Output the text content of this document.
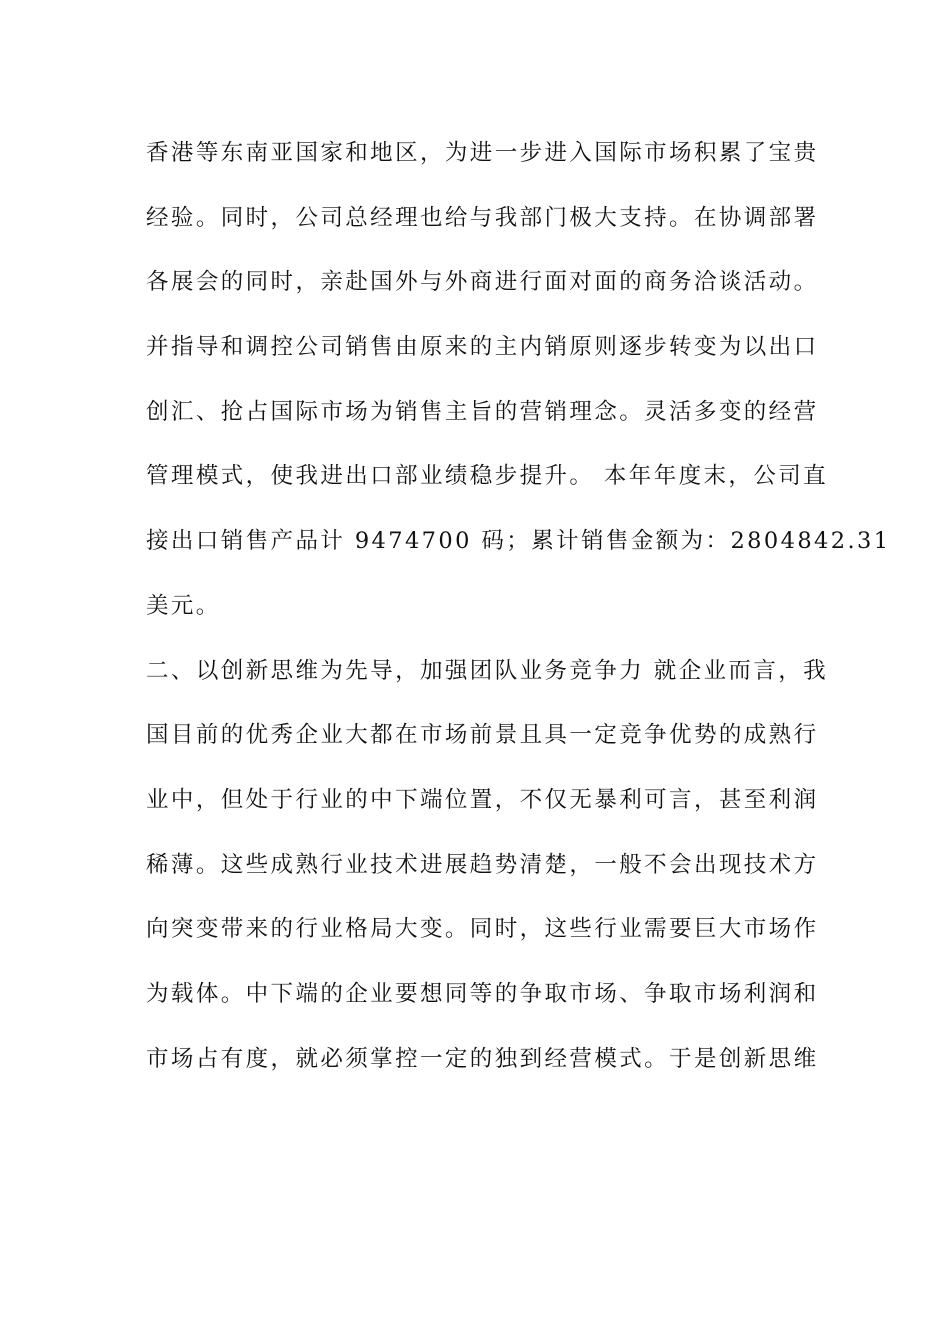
香 港 等 东 南 亚 国 家 和 地 区 ， 为 进 一 步 进 入 国 际 市 场 积 累 了 宝 贵
经 验 。 同 时 ， 公 司 总 经 理 也 给 与 我 部 门 极 大 支 持 。 在 协 调 部 署
各 展 会 的 同 时 ， 亲 赴 国 外 与 外 商 进 行 面 对 面 的 商 务 洽 谈 活 动 。
并 指 导 和 调 控 公 司 销 售 由 原 来 的 主 内 销 原 则 逐 步 转 变 为 以 出 口
创 汇 、 抢 占 国 际 市 场 为 销 售 主 旨 的 营 销 理 念 。 灵 活 多 变 的 经 营
管 理 模 式 ， 使 我 进 出 口 部 业 绩 稳 步 提 升 。
本 年 年 度 末 ， 公 司 直
接 出 口 销 售 产 品 计
9474700
码 ； 累 计 销 售 金 额 为 ： 2804842.31
美元。
二 、 以 创 新 思 维 为 先 导 ， 加 强 团 队 业 务 竞 争 力
就 企 业 而 言 ， 我
国 目 前 的 优 秀 企 业 大 都 在 市 场 前 景 且 具 一 定 竞 争 优 势 的 成 熟 行
业 中 ， 但 处 于 行 业 的 中 下 端 位 置 ， 不 仅 无 暴 利 可 言 ， 甚 至 利 润
稀 薄 。 这 些 成 熟 行 业 技 术 进 展 趋 势 清 楚 ， 一 般 不 会 出 现 技 术 方
向 突 变 带 来 的 行 业 格 局 大 变 。 同 时 ， 这 些 行 业 需 要 巨 大 市 场 作
为 载 体 。 中 下 端 的 企 业 要 想 同 等 的 争 取 市 场 、 争 取 市 场 利 润 和
市 场 占 有 度 ， 就 必 须 掌 控 一 定 的 独 到 经 营 模 式 。 于 是 创 新 思 维
